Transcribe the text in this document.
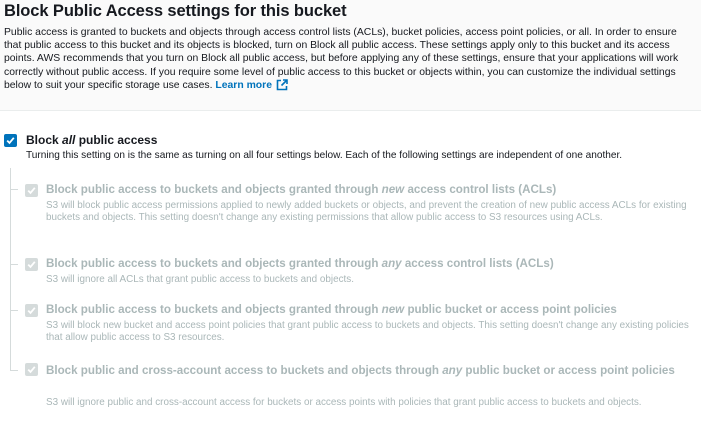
Block Public Access settings for this bucket
Public access is granted to buckets and objects through access control lists (ACLs), bucket policies, access point policies, or all. In order to ensure that public access to this bucket and its objects is blocked, turn on Block all public access. These settings apply only to this bucket and its access points. AWS recommends that you turn on Block all public access, but before applying any of these settings, ensure that your applications will work correctly without public access. If you require some level of public access to this bucket or objects within, you can customize the individual settings below to suit your specific storage use cases. Learn more
Block all public access
Turning this setting on is the same as turning on all four settings below. Each of the following settings are independent of one another.
Block public access to buckets and objects granted through new access control lists (ACLs)
S3 will block public access permissions applied to newly added buckets or objects, and prevent the creation of new public access ACLs for existing buckets and objects. This setting doesn't change any existing permissions that allow public access to S3 resources using ACLs.
Block public access to buckets and objects granted through any access control lists (ACLs)
S3 will ignore all ACLs that grant public access to buckets and objects.
Block public access to buckets and objects granted through new public bucket or access point policies
S3 will block new bucket and access point policies that grant public access to buckets and objects. This setting doesn't change any existing policies that allow public access to S3 resources.
Block public and cross-account access to buckets and objects through any public bucket or access point policies
S3 will ignore public and cross-account access for buckets or access points with policies that grant public access to buckets and objects.
